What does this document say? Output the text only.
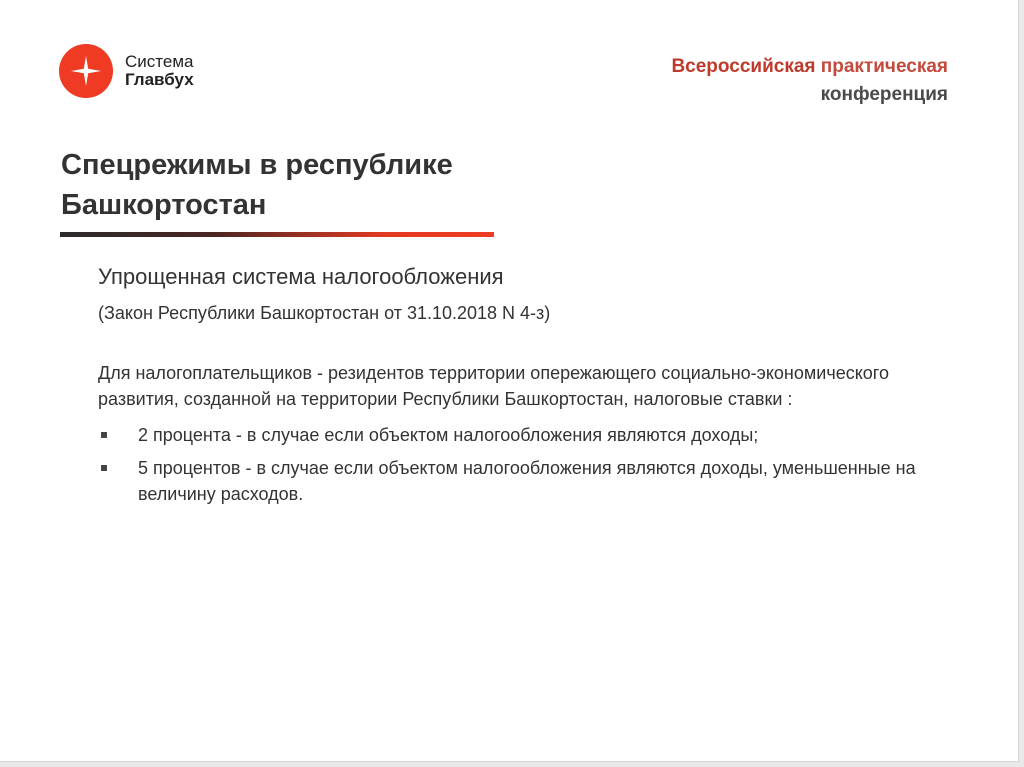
Система
Главбух
Всероссийская практическая
конференция
Спецрежимы в республике
Башкортостан
Упрощенная система налогообложения
(Закон Республики Башкортостан от 31.10.2018 N 4-з)
Для налогоплательщиков - резидентов территории опережающего социально-экономического развития, созданной на территории Республики Башкортостан, налоговые ставки :
2 процента - в случае если объектом налогообложения являются доходы;
5 процентов - в случае если объектом налогообложения являются доходы, уменьшенные на величину расходов.
